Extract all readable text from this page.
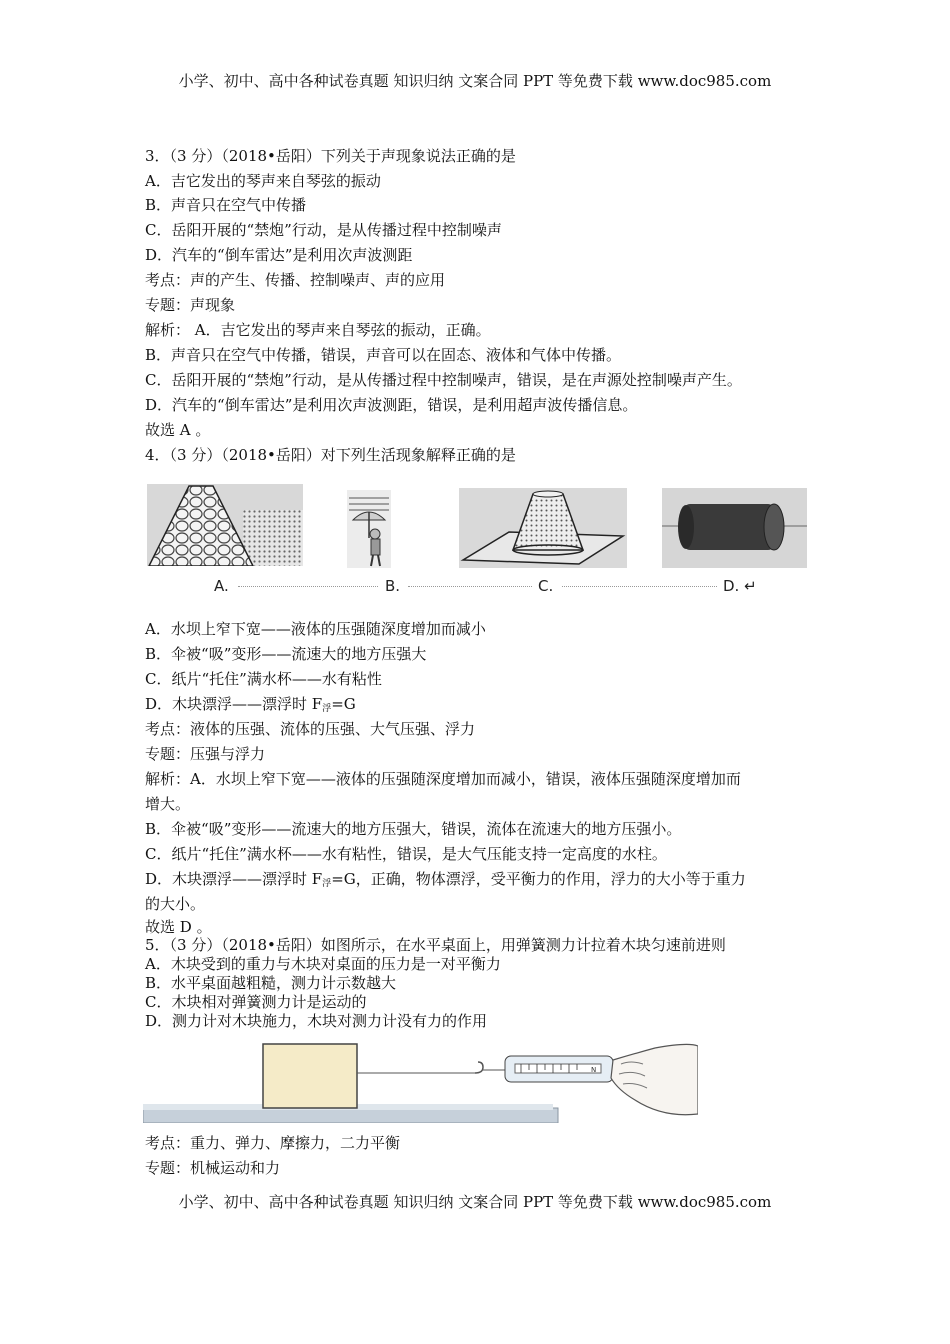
小学、初中、高中各种试卷真题 知识归纳 文案合同 PPT 等免费下载 www.doc985.com
3．（3 分）（2018•岳阳）下列关于声现象说法正确的是
A．吉它发出的琴声来自琴弦的振动
B．声音只在空气中传播
C．岳阳开展的“禁炮”行动，是从传播过程中控制噪声
D．汽车的“倒车雷达”是利用次声波测距
考点：声的产生、传播、控制噪声、声的应用
专题：声现象
解析： A．吉它发出的琴声来自琴弦的振动，正确。
B．声音只在空气中传播，错误，声音可以在固态、液体和气体中传播。
C．岳阳开展的“禁炮”行动，是从传播过程中控制噪声，错误，是在声源处控制噪声产生。
D．汽车的“倒车雷达”是利用次声波测距，错误，是利用超声波传播信息。
故选 A 。
4．（3 分）（2018•岳阳）对下列生活现象解释正确的是
A.	B.	C.	D. ↵
A．水坝上窄下宽——液体的压强随深度增加而减小
B．伞被“吸”变形——流速大的地方压强大
C．纸片“托住”满水杯——水有粘性
D．木块漂浮——漂浮时 $F_浮=G$
考点：液体的压强、流体的压强、大气压强、浮力
专题：压强与浮力
解析：A．水坝上窄下宽——液体的压强随深度增加而减小，错误，液体压强随深度增加而
增大。
B．伞被“吸”变形——流速大的地方压强大，错误，流体在流速大的地方压强小。
C．纸片“托住”满水杯——水有粘性，错误，是大气压能支持一定高度的水柱。
D．木块漂浮——漂浮时 $F_浮=G$，正确，物体漂浮，受平衡力的作用，浮力的大小等于重力
的大小。
故选 D 。
5．（3 分）（2018•岳阳）如图所示，在水平桌面上，用弹簧测力计拉着木块匀速前进则
A．木块受到的重力与木块对桌面的压力是一对平衡力
B．水平桌面越粗糙，测力计示数越大
C．木块相对弹簧测力计是运动的
D．测力计对木块施力，木块对测力计没有力的作用
N
考点：重力、弹力、摩擦力，二力平衡
专题：机械运动和力
小学、初中、高中各种试卷真题 知识归纳 文案合同 PPT 等免费下载 www.doc985.com
